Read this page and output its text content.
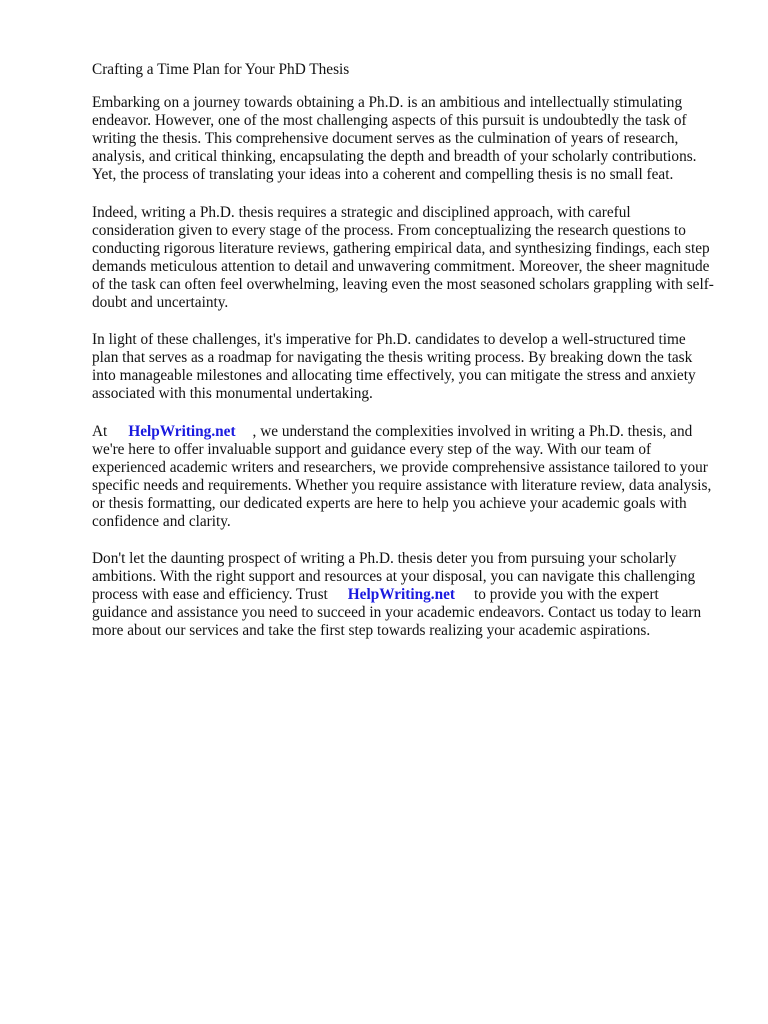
Crafting a Time Plan for Your PhD Thesis
Embarking on a journey towards obtaining a Ph.D. is an ambitious and intellectually stimulating
endeavor. However, one of the most challenging aspects of this pursuit is undoubtedly the task of
writing the thesis. This comprehensive document serves as the culmination of years of research,
analysis, and critical thinking, encapsulating the depth and breadth of your scholarly contributions.
Yet, the process of translating your ideas into a coherent and compelling thesis is no small feat.
Indeed, writing a Ph.D. thesis requires a strategic and disciplined approach, with careful
consideration given to every stage of the process. From conceptualizing the research questions to
conducting rigorous literature reviews, gathering empirical data, and synthesizing findings, each step
demands meticulous attention to detail and unwavering commitment. Moreover, the sheer magnitude
of the task can often feel overwhelming, leaving even the most seasoned scholars grappling with self-
doubt and uncertainty.
In light of these challenges, it's imperative for Ph.D. candidates to develop a well-structured time
plan that serves as a roadmap for navigating the thesis writing process. By breaking down the task
into manageable milestones and allocating time effectively, you can mitigate the stress and anxiety
associated with this monumental undertaking.
At HelpWriting.net , we understand the complexities involved in writing a Ph.D. thesis, and
we're here to offer invaluable support and guidance every step of the way. With our team of
experienced academic writers and researchers, we provide comprehensive assistance tailored to your
specific needs and requirements. Whether you require assistance with literature review, data analysis,
or thesis formatting, our dedicated experts are here to help you achieve your academic goals with
confidence and clarity.
Don't let the daunting prospect of writing a Ph.D. thesis deter you from pursuing your scholarly
ambitions. With the right support and resources at your disposal, you can navigate this challenging
process with ease and efficiency. Trust HelpWriting.net to provide you with the expert
guidance and assistance you need to succeed in your academic endeavors. Contact us today to learn
more about our services and take the first step towards realizing your academic aspirations.
